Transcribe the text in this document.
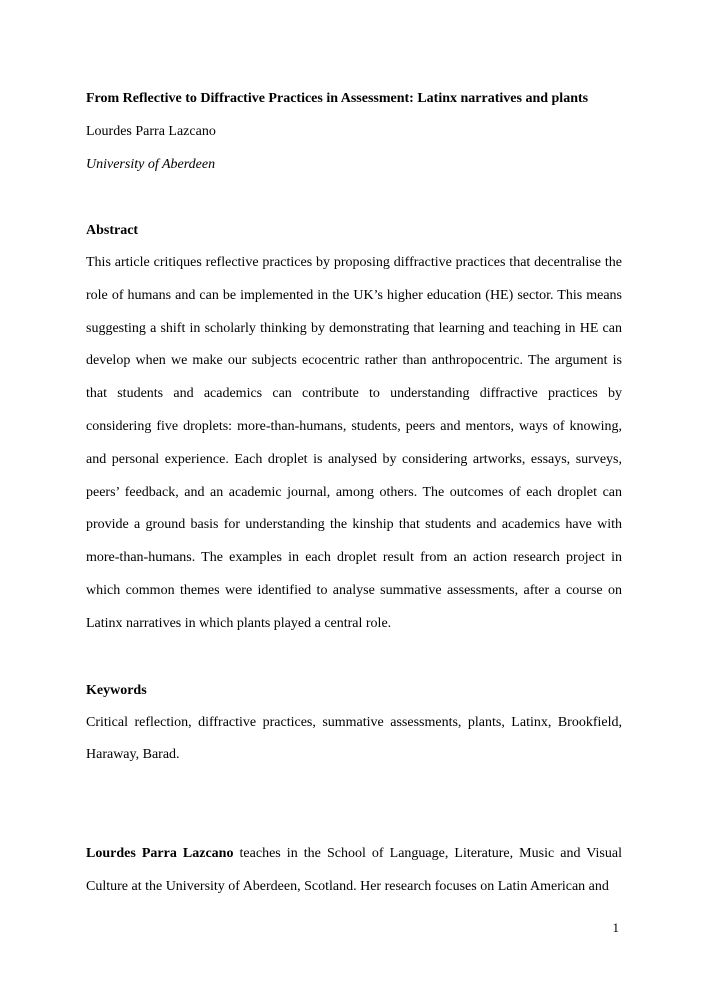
From Reflective to Diffractive Practices in Assessment: Latinx narratives and plants

Lourdes Parra Lazcano

University of Aberdeen

Abstract

This article critiques reflective practices by proposing diffractive practices that decentralise the role of humans and can be implemented in the UK’s higher education (HE) sector. This means suggesting a shift in scholarly thinking by demonstrating that learning and teaching in HE can develop when we make our subjects ecocentric rather than anthropocentric. The argument is that students and academics can contribute to understanding diffractive practices by considering five droplets: more-than-humans, students, peers and mentors, ways of knowing, and personal experience. Each droplet is analysed by considering artworks, essays, surveys, peers’ feedback, and an academic journal, among others. The outcomes of each droplet can provide a ground basis for understanding the kinship that students and academics have with more-than-humans. The examples in each droplet result from an action research project in which common themes were identified to analyse summative assessments, after a course on Latinx narratives in which plants played a central role.

Keywords

Critical reflection, diffractive practices, summative assessments, plants, Latinx, Brookfield, Haraway, Barad.

Lourdes Parra Lazcano teaches in the School of Language, Literature, Music and Visual Culture at the University of Aberdeen, Scotland. Her research focuses on Latin American and

1
